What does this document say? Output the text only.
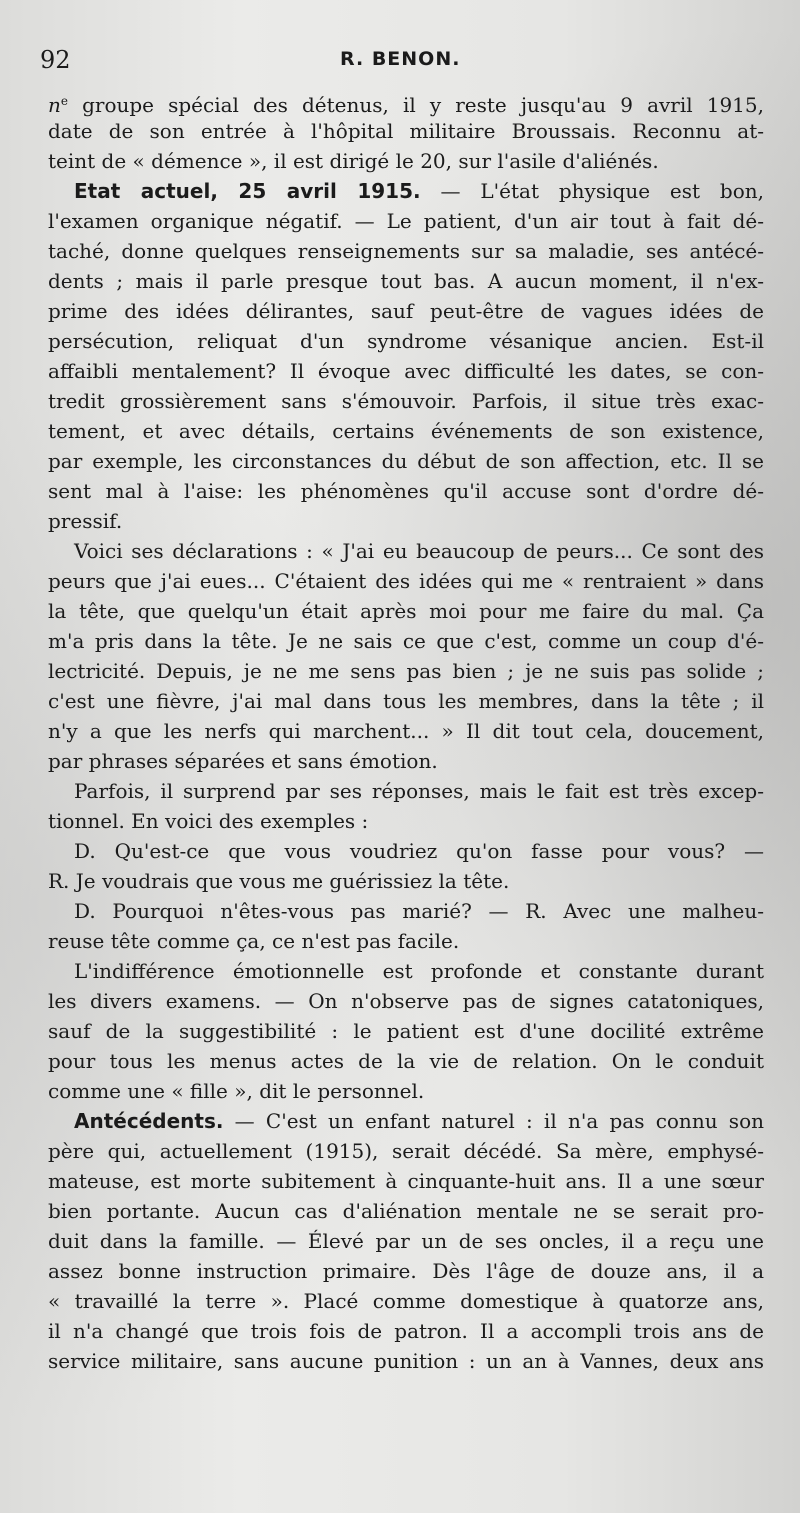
92	R. BENON.
$n^e$ groupe spécial des détenus, il y reste jusqu'au 9 avril 1915,
date de son entrée à l'hôpital militaire Broussais. Reconnu at-
teint de « démence », il est dirigé le 20, sur l'asile d'aliénés.
Etat actuel, 25 avril 1915. — L'état physique est bon,
l'examen organique négatif. — Le patient, d'un air tout à fait dé-
taché, donne quelques renseignements sur sa maladie, ses antécé-
dents ; mais il parle presque tout bas. A aucun moment, il n'ex-
prime des idées délirantes, sauf peut-être de vagues idées de
persécution, reliquat d'un syndrome vésanique ancien. Est-il
affaibli mentalement? Il évoque avec difficulté les dates, se con-
tredit grossièrement sans s'émouvoir. Parfois, il situe très exac-
tement, et avec détails, certains événements de son existence,
par exemple, les circonstances du début de son affection, etc. Il se
sent mal à l'aise: les phénomènes qu'il accuse sont d'ordre dé-
pressif.
Voici ses déclarations : « J'ai eu beaucoup de peurs... Ce sont des
peurs que j'ai eues... C'étaient des idées qui me « rentraient » dans
la tête, que quelqu'un était après moi pour me faire du mal. Ça
m'a pris dans la tête. Je ne sais ce que c'est, comme un coup d'é-
lectricité. Depuis, je ne me sens pas bien ; je ne suis pas solide ;
c'est une fièvre, j'ai mal dans tous les membres, dans la tête ; il
n'y a que les nerfs qui marchent... » Il dit tout cela, doucement,
par phrases séparées et sans émotion.
Parfois, il surprend par ses réponses, mais le fait est très excep-
tionnel. En voici des exemples :
D. Qu'est-ce que vous voudriez qu'on fasse pour vous? —
R. Je voudrais que vous me guérissiez la tête.
D. Pourquoi n'êtes-vous pas marié? — R. Avec une malheu-
reuse tête comme ça, ce n'est pas facile.
L'indifférence émotionnelle est profonde et constante durant
les divers examens. — On n'observe pas de signes catatoniques,
sauf de la suggestibilité : le patient est d'une docilité extrême
pour tous les menus actes de la vie de relation. On le conduit
comme une « fille », dit le personnel.
Antécédents. — C'est un enfant naturel : il n'a pas connu son
père qui, actuellement (1915), serait décédé. Sa mère, emphysé-
mateuse, est morte subitement à cinquante-huit ans. Il a une sœur
bien portante. Aucun cas d'aliénation mentale ne se serait pro-
duit dans la famille. — Élevé par un de ses oncles, il a reçu une
assez bonne instruction primaire. Dès l'âge de douze ans, il a
« travaillé la terre ». Placé comme domestique à quatorze ans,
il n'a changé que trois fois de patron. Il a accompli trois ans de
service militaire, sans aucune punition : un an à Vannes, deux ans
